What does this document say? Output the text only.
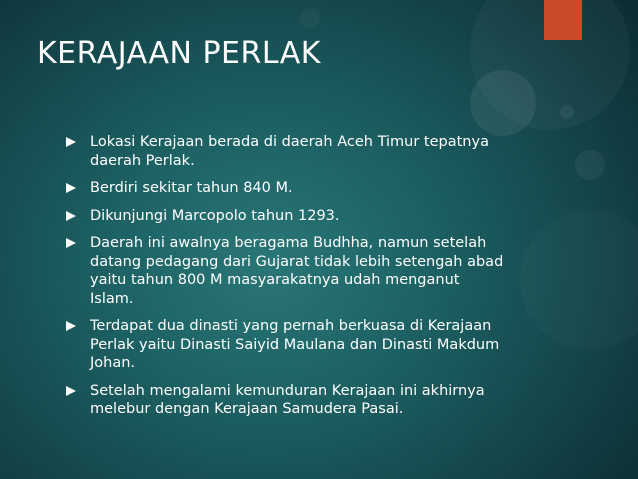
KERAJAAN PERLAK
Lokasi Kerajaan berada di daerah Aceh Timur tepatnya daerah Perlak.
Berdiri sekitar tahun 840 M.
Dikunjungi Marcopolo tahun 1293.
Daerah ini awalnya beragama Budhha, namun setelah datang pedagang dari Gujarat tidak lebih setengah abad yaitu tahun 800 M masyarakatnya udah menganut Islam.
Terdapat dua dinasti yang pernah berkuasa di Kerajaan Perlak yaitu Dinasti Saiyid Maulana dan Dinasti Makdum Johan.
Setelah mengalami kemunduran Kerajaan ini akhirnya melebur dengan Kerajaan Samudera Pasai.
